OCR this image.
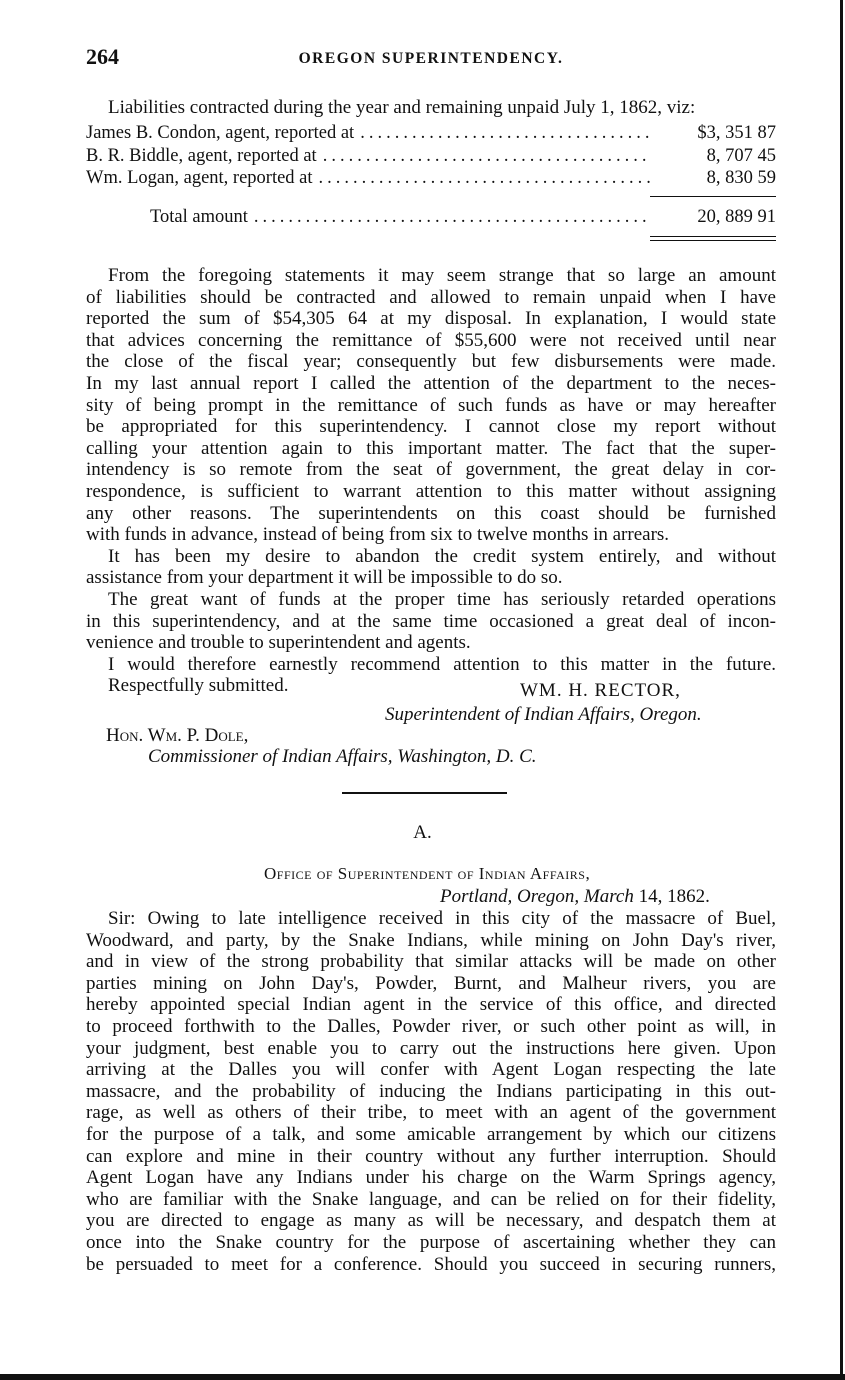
264	OREGON SUPERINTENDENCY.
Liabilities contracted during the year and remaining unpaid July 1, 1862, viz:
James B. Condon, agent, reported at .....	$3, 351 87
B. R. Biddle, agent, reported at .....	8, 707 45
Wm. Logan, agent, reported at .....	8, 830 59
Total amount .....	20, 889 91
From the foregoing statements it may seem strange that so large an amount
of liabilities should be contracted and allowed to remain unpaid when I have
reported the sum of $54,305 64 at my disposal. In explanation, I would state
that advices concerning the remittance of $55,600 were not received until near
the close of the fiscal year; consequently but few disbursements were made.
In my last annual report I called the attention of the department to the neces-
sity of being prompt in the remittance of such funds as have or may hereafter
be appropriated for this superintendency. I cannot close my report without
calling your attention again to this important matter. The fact that the super-
intendency is so remote from the seat of government, the great delay in cor-
respondence, is sufficient to warrant attention to this matter without assigning
any other reasons. The superintendents on this coast should be furnished
with funds in advance, instead of being from six to twelve months in arrears.
It has been my desire to abandon the credit system entirely, and without
assistance from your department it will be impossible to do so.
The great want of funds at the proper time has seriously retarded operations
in this superintendency, and at the same time occasioned a great deal of incon-
venience and trouble to superintendent and agents.
I would therefore earnestly recommend attention to this matter in the future.
Respectfully submitted.	WM. H. RECTOR,
Superintendent of Indian Affairs, Oregon.
Hon. Wm. P. Dole,
Commissioner of Indian Affairs, Washington, D. C.
A.
Office of Superintendent of Indian Affairs,
Portland, Oregon, March 14, 1862.
Sir: Owing to late intelligence received in this city of the massacre of Buel,
Woodward, and party, by the Snake Indians, while mining on John Day's river,
and in view of the strong probability that similar attacks will be made on other
parties mining on John Day's, Powder, Burnt, and Malheur rivers, you are
hereby appointed special Indian agent in the service of this office, and directed
to proceed forthwith to the Dalles, Powder river, or such other point as will, in
your judgment, best enable you to carry out the instructions here given. Upon
arriving at the Dalles you will confer with Agent Logan respecting the late
massacre, and the probability of inducing the Indians participating in this out-
rage, as well as others of their tribe, to meet with an agent of the government
for the purpose of a talk, and some amicable arrangement by which our citizens
can explore and mine in their country without any further interruption. Should
Agent Logan have any Indians under his charge on the Warm Springs agency,
who are familiar with the Snake language, and can be relied on for their fidelity,
you are directed to engage as many as will be necessary, and despatch them at
once into the Snake country for the purpose of ascertaining whether they can
be persuaded to meet for a conference. Should you succeed in securing runners,
